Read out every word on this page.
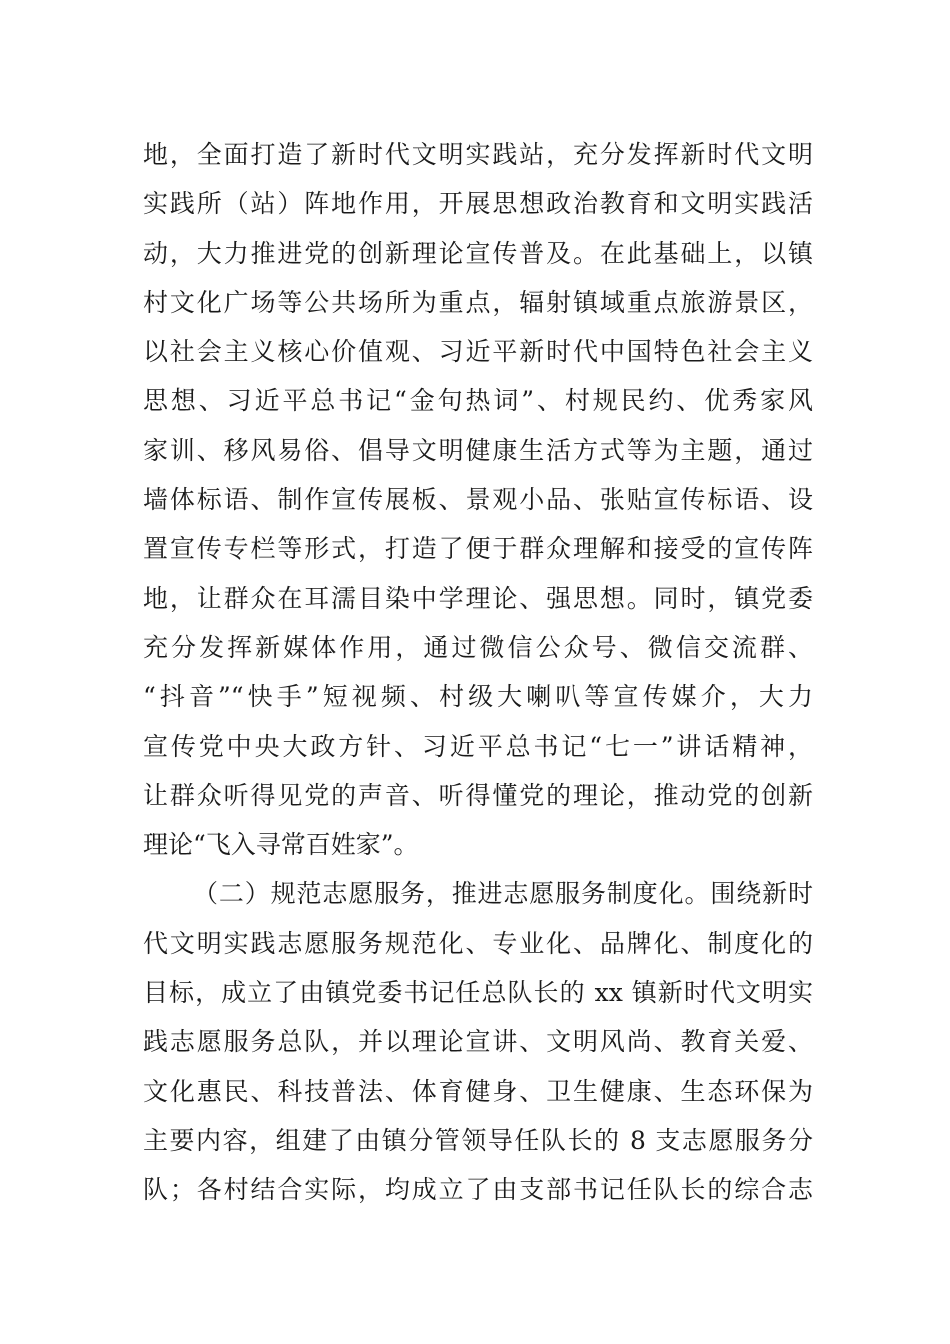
地，全面打造了新时代文明实践站，充分发挥新时代文明
实践所（站）阵地作用，开展思想政治教育和文明实践活
动，大力推进党的创新理论宣传普及。在此基础上，以镇
村文化广场等公共场所为重点，辐射镇域重点旅游景区，
以社会主义核心价值观、习近平新时代中国特色社会主义
思想、习近平总书记“金句热词”、村规民约、优秀家风
家训、移风易俗、倡导文明健康生活方式等为主题，通过
墙体标语、制作宣传展板、景观小品、张贴宣传标语、设
置宣传专栏等形式，打造了便于群众理解和接受的宣传阵
地，让群众在耳濡目染中学理论、强思想。同时，镇党委
充分发挥新媒体作用，通过微信公众号、微信交流群、
“抖音”“快手”短视频、村级大喇叭等宣传媒介，大力
宣传党中央大政方针、习近平总书记“七一”讲话精神，
让群众听得见党的声音、听得懂党的理论，推动党的创新
理论“飞入寻常百姓家”。
（二）规范志愿服务，推进志愿服务制度化。围绕新时
代文明实践志愿服务规范化、专业化、品牌化、制度化的
目标，成立了由镇党委书记任总队长的 xx 镇新时代文明实
践志愿服务总队，并以理论宣讲、文明风尚、教育关爱、
文化惠民、科技普法、体育健身、卫生健康、生态环保为
主要内容，组建了由镇分管领导任队长的 8 支志愿服务分
队；各村结合实际，均成立了由支部书记任队长的综合志
